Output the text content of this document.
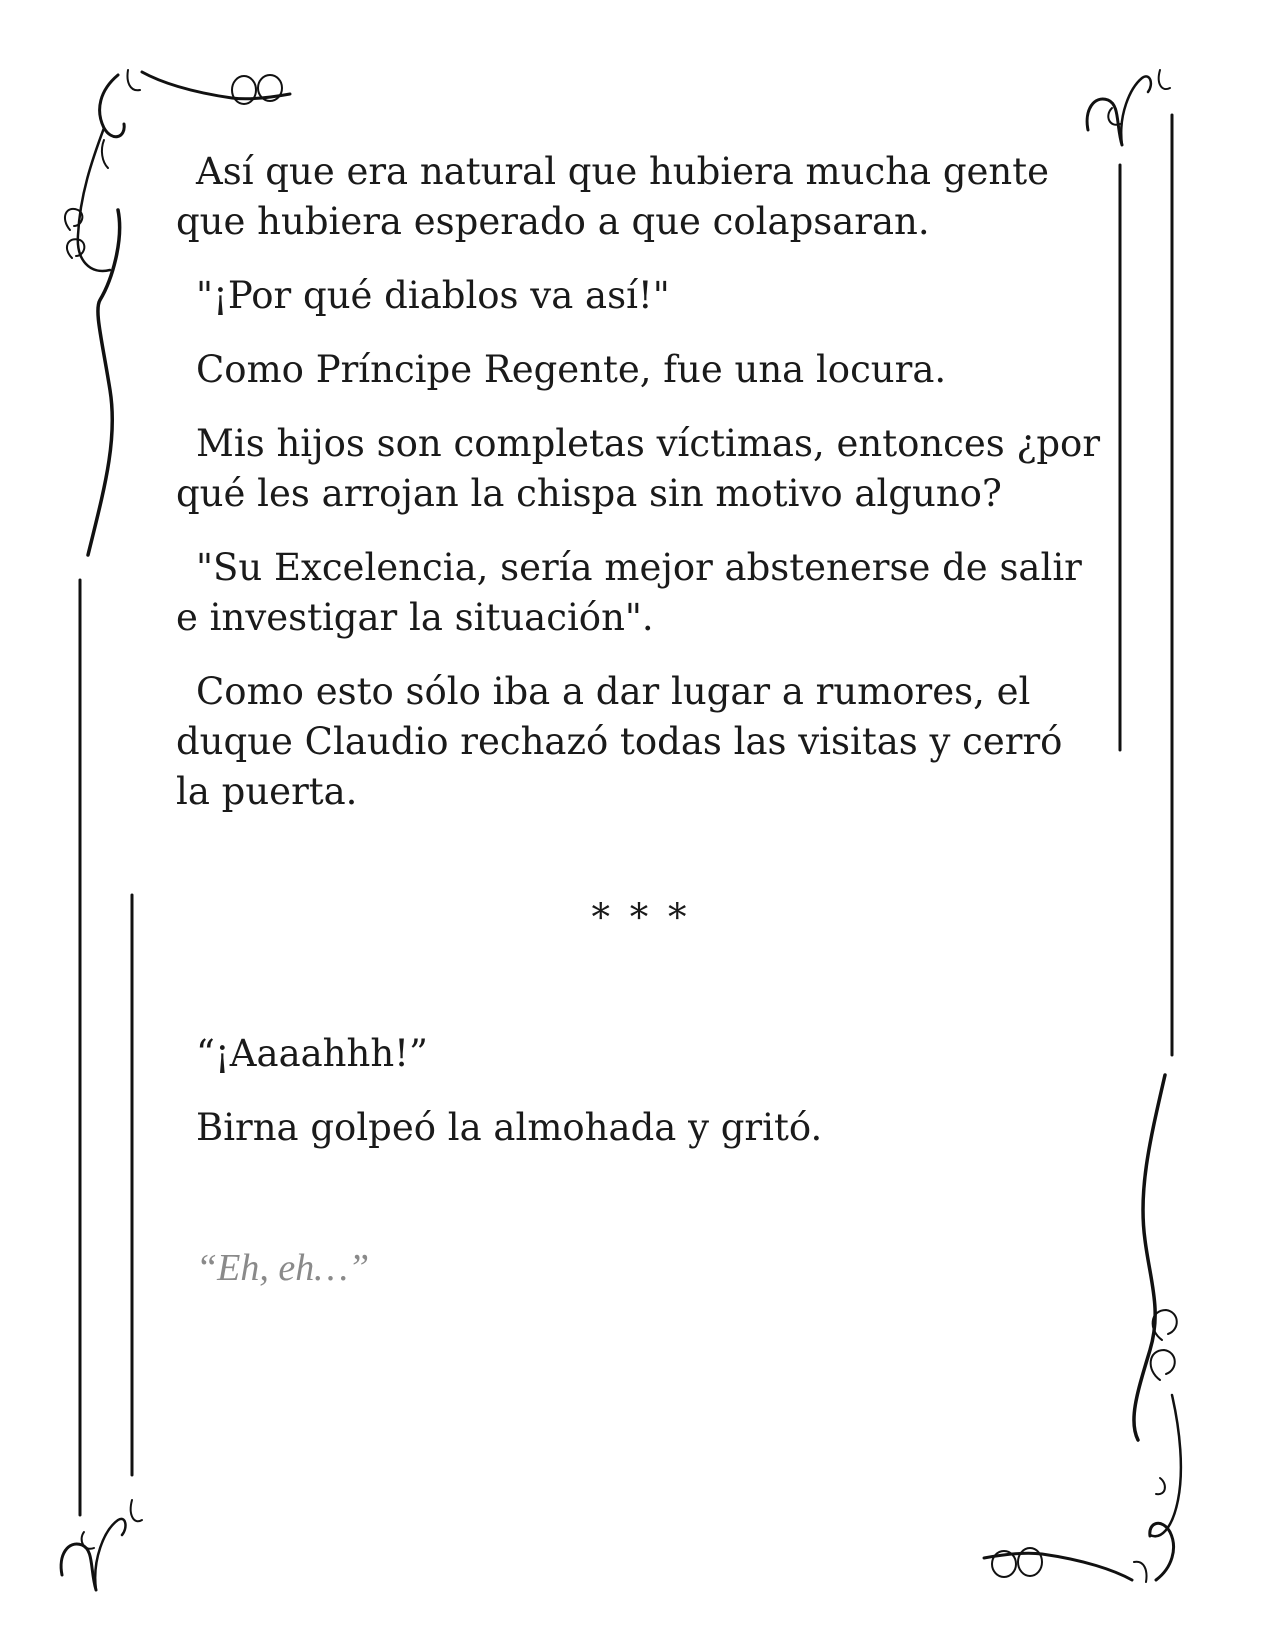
Así que era natural que hubiera mucha gente que hubiera esperado a que colapsaran.

"¡Por qué diablos va así!"

Como Príncipe Regente, fue una locura.

Mis hijos son completas víctimas, entonces ¿por qué les arrojan la chispa sin motivo alguno?

"Su Excelencia, sería mejor abstenerse de salir e investigar la situación".

Como esto sólo iba a dar lugar a rumores, el duque Claudio rechazó todas las visitas y cerró la puerta.

* * *

“¡Aaaahhh!”

Birna golpeó la almohada y gritó.

“Eh, eh…”
